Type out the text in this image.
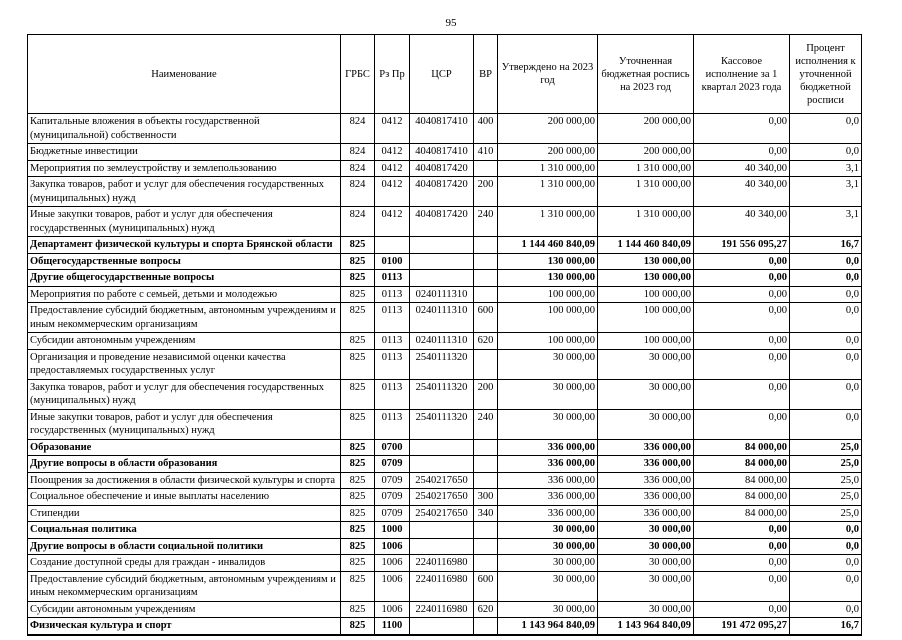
95
Наименование	ГРБС	Рз Пр	ЦСР	ВР	Утверждено на 2023 год	Уточненная бюджетная роспись на 2023 год	Кассовое исполнение за 1 квартал 2023 года	Процент исполнения к уточненной бюджетной росписи
Капитальные вложения в объекты государственной (муниципальной) собственности	824	0412	4040817410	400	200 000,00	200 000,00	0,00	0,0
Бюджетные инвестиции	824	0412	4040817410	410	200 000,00	200 000,00	0,00	0,0
Мероприятия по землеустройству и землепользованию	824	0412	4040817420		1 310 000,00	1 310 000,00	40 340,00	3,1
Закупка товаров, работ и услуг для обеспечения государственных (муниципальных) нужд	824	0412	4040817420	200	1 310 000,00	1 310 000,00	40 340,00	3,1
Иные закупки товаров, работ и услуг для обеспечения государственных (муниципальных) нужд	824	0412	4040817420	240	1 310 000,00	1 310 000,00	40 340,00	3,1
Департамент физической культуры и спорта Брянской области	825				1 144 460 840,09	1 144 460 840,09	191 556 095,27	16,7
Общегосударственные вопросы	825	0100			130 000,00	130 000,00	0,00	0,0
Другие общегосударственные вопросы	825	0113			130 000,00	130 000,00	0,00	0,0
Мероприятия по работе с семьей, детьми и молодежью	825	0113	0240111310		100 000,00	100 000,00	0,00	0,0
Предоставление субсидий бюджетным, автономным учреждениям и иным некоммерческим организациям	825	0113	0240111310	600	100 000,00	100 000,00	0,00	0,0
Субсидии автономным учреждениям	825	0113	0240111310	620	100 000,00	100 000,00	0,00	0,0
Организация и проведение независимой оценки качества предоставляемых государственных услуг	825	0113	2540111320		30 000,00	30 000,00	0,00	0,0
Закупка товаров, работ и услуг для обеспечения государственных (муниципальных) нужд	825	0113	2540111320	200	30 000,00	30 000,00	0,00	0,0
Иные закупки товаров, работ и услуг для обеспечения государственных (муниципальных) нужд	825	0113	2540111320	240	30 000,00	30 000,00	0,00	0,0
Образование	825	0700			336 000,00	336 000,00	84 000,00	25,0
Другие вопросы в области образования	825	0709			336 000,00	336 000,00	84 000,00	25,0
Поощрения за достижения в области физической культуры и спорта	825	0709	2540217650		336 000,00	336 000,00	84 000,00	25,0
Социальное обеспечение и иные выплаты населению	825	0709	2540217650	300	336 000,00	336 000,00	84 000,00	25,0
Стипендии	825	0709	2540217650	340	336 000,00	336 000,00	84 000,00	25,0
Социальная политика	825	1000			30 000,00	30 000,00	0,00	0,0
Другие вопросы в области социальной политики	825	1006			30 000,00	30 000,00	0,00	0,0
Создание доступной среды для граждан - инвалидов	825	1006	2240116980		30 000,00	30 000,00	0,00	0,0
Предоставление субсидий бюджетным, автономным учреждениям и иным некоммерческим организациям	825	1006	2240116980	600	30 000,00	30 000,00	0,00	0,0
Субсидии автономным учреждениям	825	1006	2240116980	620	30 000,00	30 000,00	0,00	0,0
Физическая культура и спорт	825	1100			1 143 964 840,09	1 143 964 840,09	191 472 095,27	16,7
